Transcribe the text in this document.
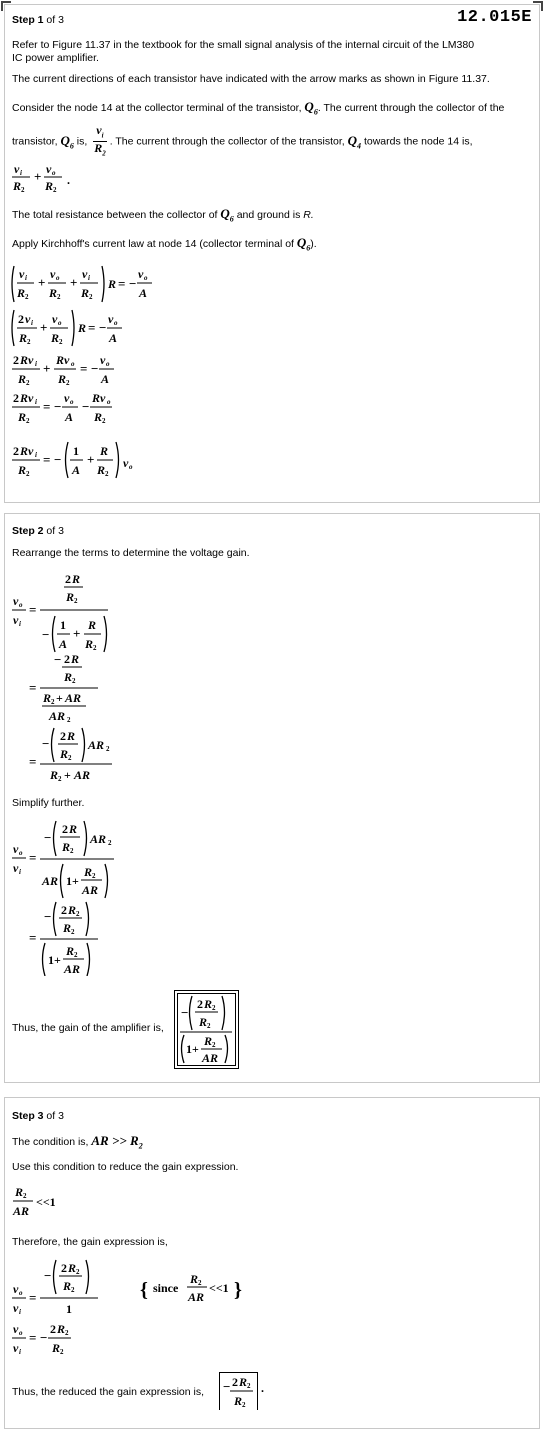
12.015E
Step 1 of 3
Refer to Figure 11.37 in the textbook for the small signal analysis of the internal circuit of the LM380 IC power amplifier.
The current directions of each transistor have indicated with the arrow marks as shown in Figure 11.37.
Consider the node 14 at the collector terminal of the transistor, $Q_6$. The current through the collector of the
transistor, $Q_6$ is, $\frac{v_i}{R_2}$ . The current through the collector of the transistor, $Q_4$ towards the node 14 is,
v i
R 2
+ v o
R 2
.
The total resistance between the collector of $Q_6$ and ground is R.
Apply Kirchhoff's current law at node 14 (collector terminal of $Q_6$).
v i
R 2
+
v o
R 2
+
v i
R 2
R = −
v o
A
2 v i
R 2
+
v o
R 2
R = −
v o
A
2 Rv i
R 2
+
Rv o
R 2
= −
v o
A
2 Rv i
R 2
= −
v o
A
−
Rv o
R 2
2 Rv i
R 2
= −
1
A
+
R
R 2
v o
Step 2 of 3
Rearrange the terms to determine the voltage gain.
v o
v i
=
2 R
R 2
−
1
A
+
R
R 2
=
− 2 R
R 2
R 2 + AR
AR 2
=
− 2 R
R 2
AR 2
R 2 + AR
Simplify further.
v o
v i
=
−
2 R
R 2
AR 2
AR 1+
R 2
AR
=
− 2 R 2
R 2
1+
R 2
AR
Thus, the gain of the amplifier is,
−
2 R 2
R 2
1+
R 2
AR
Step 3 of 3
The condition is, AR >> $R_2$
Use this condition to reduce the gain expression.
R 2
AR
<<1
Therefore, the gain expression is,
v o
v i
=
− 2 R 2
R 2
1
{ since
R 2
AR
<<1 }
v o
v i
= −
2 R 2
R 2
Thus, the reduced the gain expression is,	− 2 R 2
R 2
.
